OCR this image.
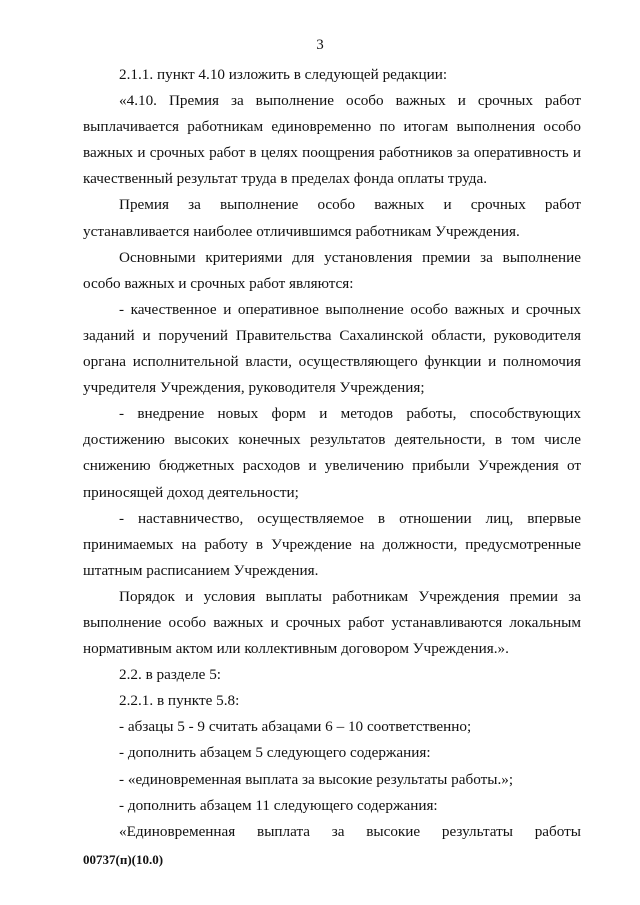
3

2.1.1. пункт 4.10 изложить в следующей редакции:

«4.10. Премия за выполнение особо важных и срочных работ выплачивается работникам единовременно по итогам выполнения особо важных и срочных работ в целях поощрения работников за оперативность и качественный результат труда в пределах фонда оплаты труда.

Премия за выполнение особо важных и срочных работ устанавливается наиболее отличившимся работникам Учреждения.

Основными критериями для установления премии за выполнение особо важных и срочных работ являются:

- качественное и оперативное выполнение особо важных и срочных заданий и поручений Правительства Сахалинской области, руководителя органа исполнительной власти, осуществляющего функции и полномочия учредителя Учреждения, руководителя Учреждения;

- внедрение новых форм и методов работы, способствующих достижению высоких конечных результатов деятельности, в том числе снижению бюджетных расходов и увеличению прибыли Учреждения от приносящей доход деятельности;

- наставничество, осуществляемое в отношении лиц, впервые принимаемых на работу в Учреждение на должности, предусмотренные штатным расписанием Учреждения.

Порядок и условия выплаты работникам Учреждения премии за выполнение особо важных и срочных работ устанавливаются локальным нормативным актом или коллективным договором Учреждения.».

2.2. в разделе 5:

2.2.1. в пункте 5.8:

- абзацы 5 - 9 считать абзацами 6 – 10 соответственно;

- дополнить абзацем 5 следующего содержания:

- «единовременная выплата за высокие результаты работы.»;

- дополнить абзацем 11 следующего содержания:

«Единовременная выплата за высокие результаты работы

00737(п)(10.0)
